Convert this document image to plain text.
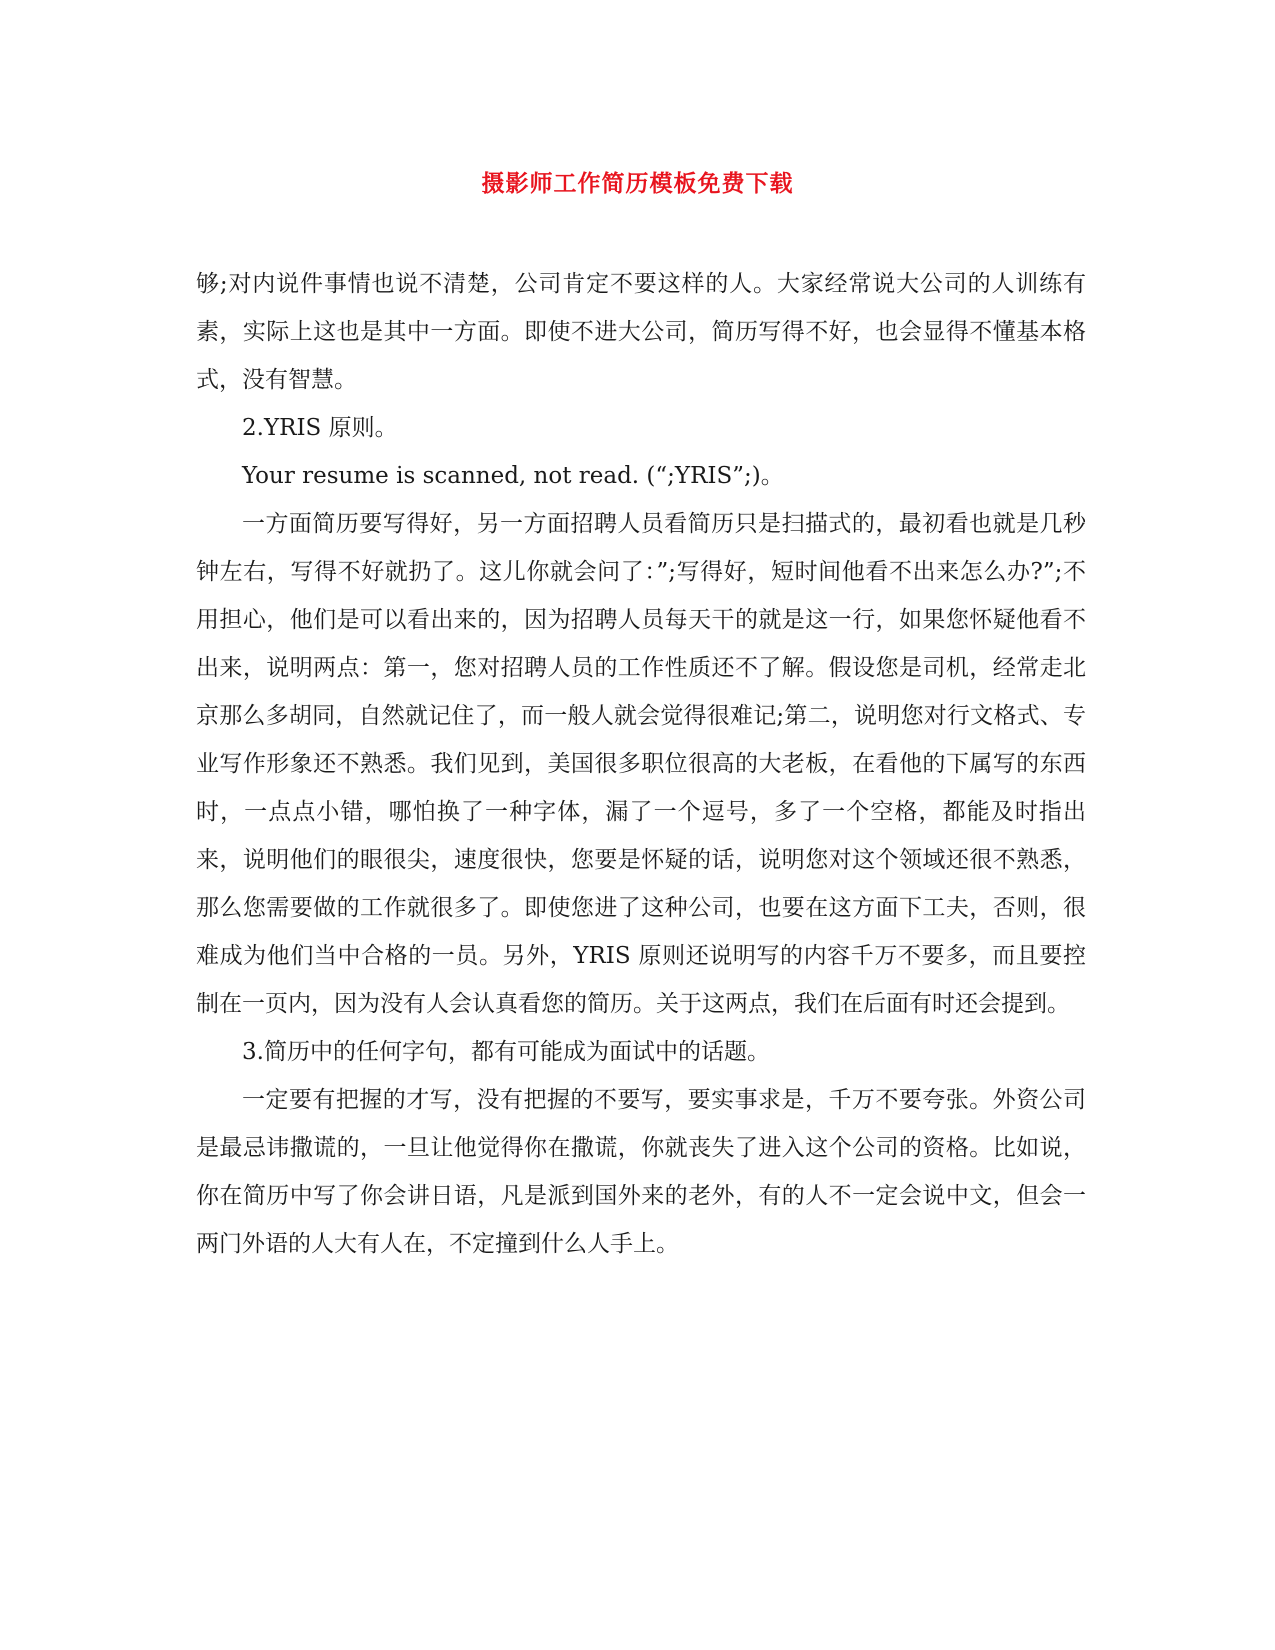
摄影师工作简历模板免费下载

够;对内说件事情也说不清楚，公司肯定不要这样的人。大家经常说大公司的人训练有素，实际上这也是其中一方面。即使不进大公司，简历写得不好，也会显得不懂基本格式，没有智慧。

2.YRIS 原则。

Your resume is scanned, not read. (“;YRIS”;)。

一方面简历要写得好，另一方面招聘人员看简历只是扫描式的，最初看也就是几秒钟左右，写得不好就扔了。这儿你就会问了：”;写得好，短时间他看不出来怎么办?”;不用担心，他们是可以看出来的，因为招聘人员每天干的就是这一行，如果您怀疑他看不出来，说明两点：第一，您对招聘人员的工作性质还不了解。假设您是司机，经常走北京那么多胡同，自然就记住了，而一般人就会觉得很难记;第二，说明您对行文格式、专业写作形象还不熟悉。我们见到，美国很多职位很高的大老板，在看他的下属写的东西时，一点点小错，哪怕换了一种字体，漏了一个逗号，多了一个空格，都能及时指出来，说明他们的眼很尖，速度很快，您要是怀疑的话，说明您对这个领域还很不熟悉，那么您需要做的工作就很多了。即使您进了这种公司，也要在这方面下工夫，否则，很难成为他们当中合格的一员。另外，YRIS 原则还说明写的内容千万不要多，而且要控制在一页内，因为没有人会认真看您的简历。关于这两点，我们在后面有时还会提到。

3.简历中的任何字句，都有可能成为面试中的话题。

一定要有把握的才写，没有把握的不要写，要实事求是，千万不要夸张。外资公司是最忌讳撒谎的，一旦让他觉得你在撒谎，你就丧失了进入这个公司的资格。比如说，你在简历中写了你会讲日语，凡是派到国外来的老外，有的人不一定会说中文，但会一两门外语的人大有人在，不定撞到什么人手上。
